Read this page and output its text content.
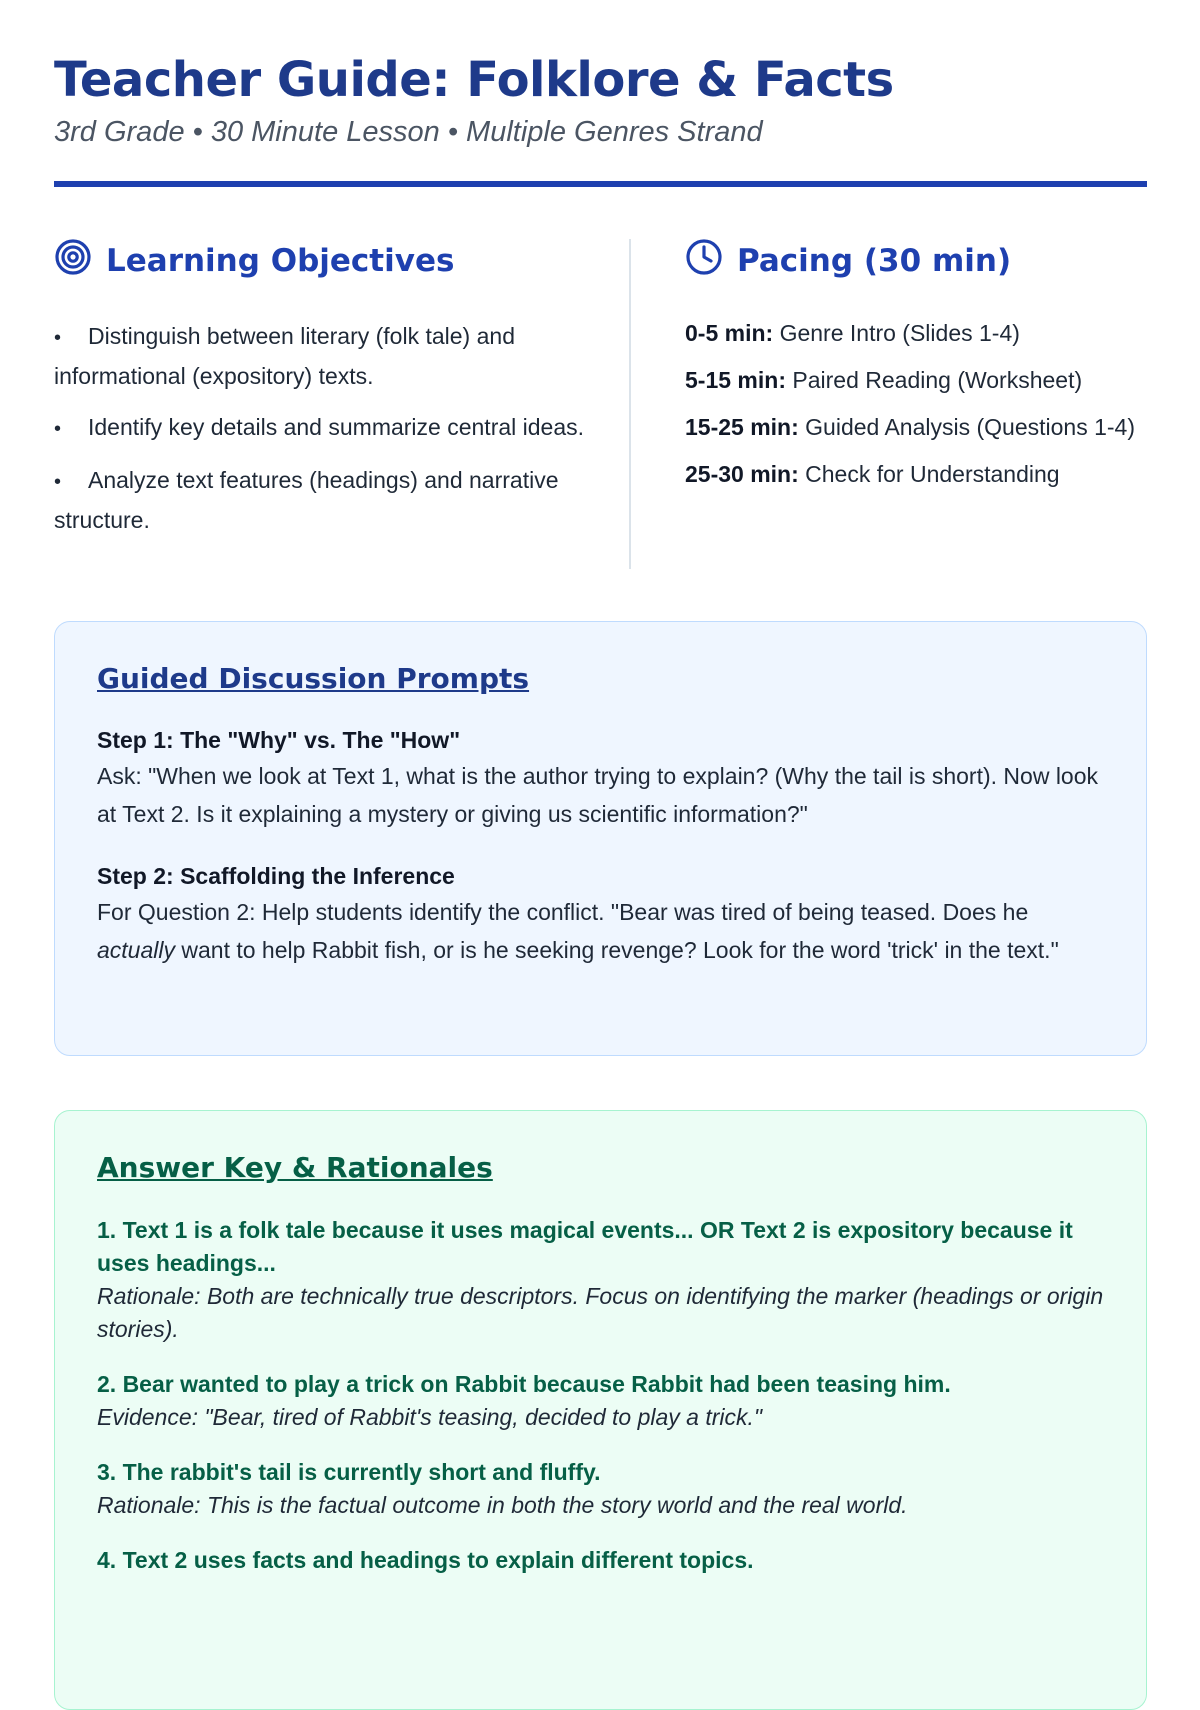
Teacher Guide: Folklore & Facts

3rd Grade • 30 Minute Lesson • Multiple Genres Strand

Learning Objectives
• Distinguish between literary (folk tale) and informational (expository) texts.
• Identify key details and summarize central ideas.
• Analyze text features (headings) and narrative structure.
Pacing (30 min)
0-5 min: Genre Intro (Slides 1-4)
5-15 min: Paired Reading (Worksheet)
15-25 min: Guided Analysis (Questions 1-4)
25-30 min: Check for Understanding
Guided Discussion Prompts
Step 1: The "Why" vs. The "How"
Ask: "When we look at Text 1, what is the author trying to explain? (Why the tail is short). Now look at Text 2. Is it explaining a mystery or giving us scientific information?"
Step 2: Scaffolding the Inference
For Question 2: Help students identify the conflict. "Bear was tired of being teased. Does he actually want to help Rabbit fish, or is he seeking revenge? Look for the word 'trick' in the text."
Answer Key & Rationales
1. Text 1 is a folk tale because it uses magical events... OR Text 2 is expository because it uses headings...
Rationale: Both are technically true descriptors. Focus on identifying the marker (headings or origin stories).
2. Bear wanted to play a trick on Rabbit because Rabbit had been teasing him.
Evidence: "Bear, tired of Rabbit's teasing, decided to play a trick."
3. The rabbit's tail is currently short and fluffy.
Rationale: This is the factual outcome in both the story world and the real world.
4. Text 2 uses facts and headings to explain different topics.
